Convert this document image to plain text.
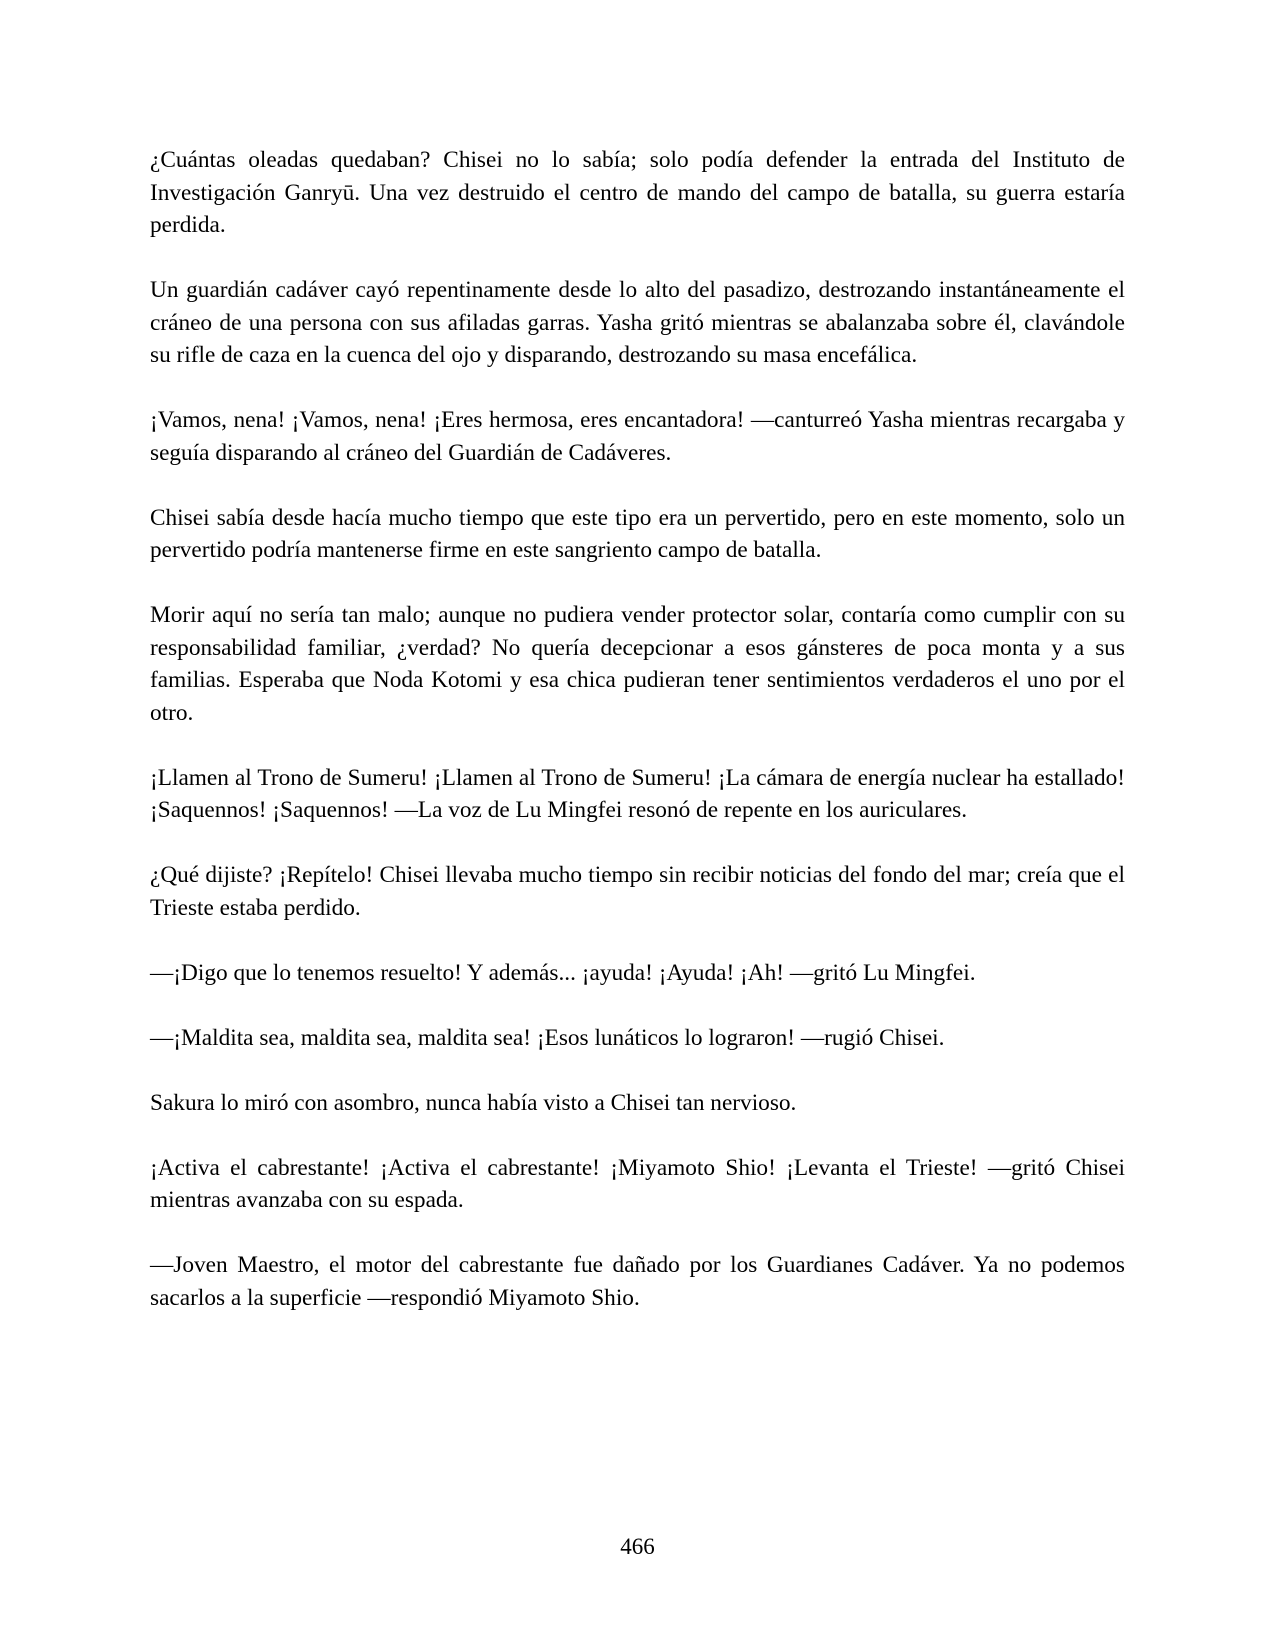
¿Cuántas oleadas quedaban? Chisei no lo sabía; solo podía defender la entrada del Instituto de Investigación Ganryū. Una vez destruido el centro de mando del campo de batalla, su guerra estaría perdida.

Un guardián cadáver cayó repentinamente desde lo alto del pasadizo, destrozando instantáneamente el cráneo de una persona con sus afiladas garras. Yasha gritó mientras se abalanzaba sobre él, clavándole su rifle de caza en la cuenca del ojo y disparando, destrozando su masa encefálica.

¡Vamos, nena! ¡Vamos, nena! ¡Eres hermosa, eres encantadora! —canturreó Yasha mientras recargaba y seguía disparando al cráneo del Guardián de Cadáveres.

Chisei sabía desde hacía mucho tiempo que este tipo era un pervertido, pero en este momento, solo un pervertido podría mantenerse firme en este sangriento campo de batalla.

Morir aquí no sería tan malo; aunque no pudiera vender protector solar, contaría como cumplir con su responsabilidad familiar, ¿verdad? No quería decepcionar a esos gánsteres de poca monta y a sus familias. Esperaba que Noda Kotomi y esa chica pudieran tener sentimientos verdaderos el uno por el otro.

¡Llamen al Trono de Sumeru! ¡Llamen al Trono de Sumeru! ¡La cámara de energía nuclear ha estallado! ¡Saquennos! ¡Saquennos! —La voz de Lu Mingfei resonó de repente en los auriculares.

¿Qué dijiste? ¡Repítelo! Chisei llevaba mucho tiempo sin recibir noticias del fondo del mar; creía que el Trieste estaba perdido.

—¡Digo que lo tenemos resuelto! Y además... ¡ayuda! ¡Ayuda! ¡Ah! —gritó Lu Mingfei.

—¡Maldita sea, maldita sea, maldita sea! ¡Esos lunáticos lo lograron! —rugió Chisei.

Sakura lo miró con asombro, nunca había visto a Chisei tan nervioso.

¡Activa el cabrestante! ¡Activa el cabrestante! ¡Miyamoto Shio! ¡Levanta el Trieste! —gritó Chisei mientras avanzaba con su espada.

—Joven Maestro, el motor del cabrestante fue dañado por los Guardianes Cadáver. Ya no podemos sacarlos a la superficie —respondió Miyamoto Shio.

466
